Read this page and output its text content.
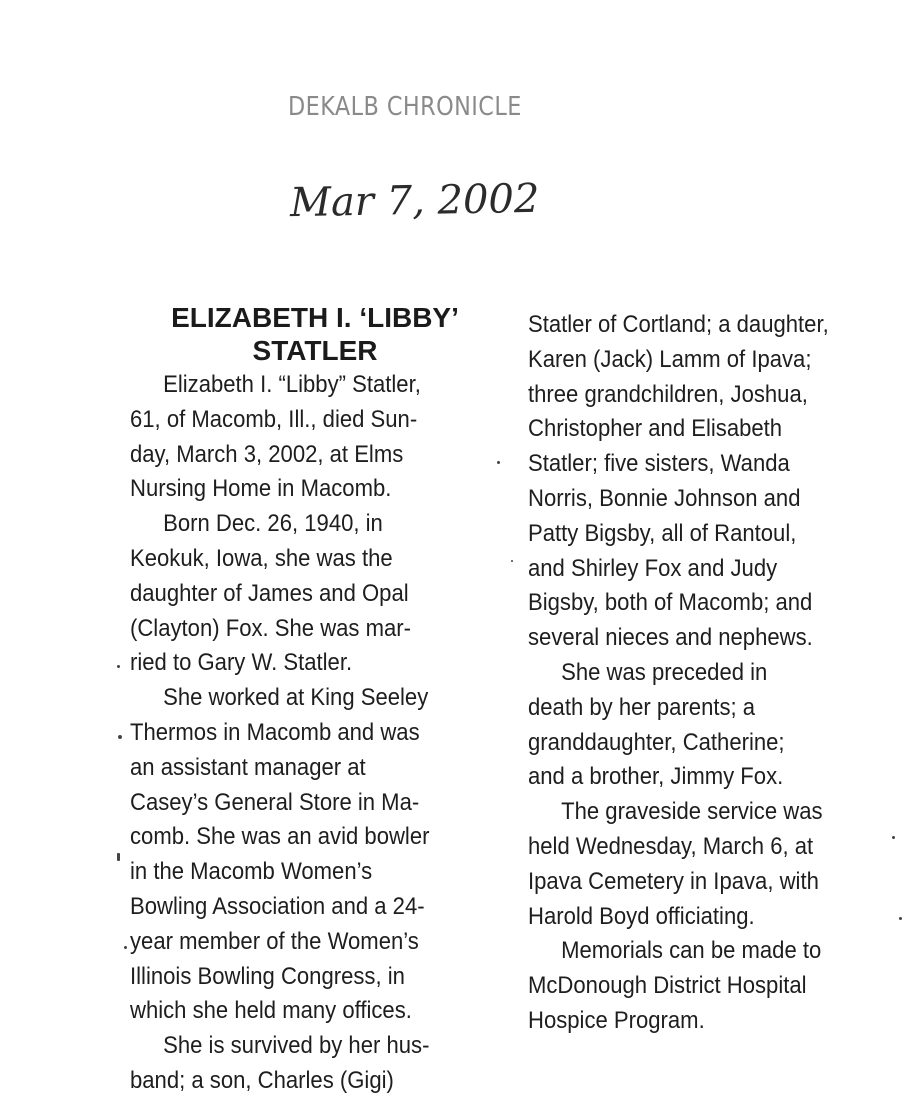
DEKALB CHRONICLE
Mar 7, 2002
ELIZABETH I. ‘LIBBY’
STATLER
Elizabeth I. “Libby” Statler,
61, of Macomb, Ill., died Sun-
day, March 3, 2002, at Elms
Nursing Home in Macomb.
Born Dec. 26, 1940, in
Keokuk, Iowa, she was the
daughter of James and Opal
(Clayton) Fox. She was mar-
ried to Gary W. Statler.
She worked at King Seeley
Thermos in Macomb and was
an assistant manager at
Casey’s General Store in Ma-
comb. She was an avid bowler
in the Macomb Women’s
Bowling Association and a 24-
year member of the Women’s
Illinois Bowling Congress, in
which she held many offices.
She is survived by her hus-
band; a son, Charles (Gigi)
Statler of Cortland; a daughter,
Karen (Jack) Lamm of Ipava;
three grandchildren, Joshua,
Christopher and Elisabeth
Statler; five sisters, Wanda
Norris, Bonnie Johnson and
Patty Bigsby, all of Rantoul,
and Shirley Fox and Judy
Bigsby, both of Macomb; and
several nieces and nephews.
She was preceded in
death by her parents; a
granddaughter, Catherine;
and a brother, Jimmy Fox.
The graveside service was
held Wednesday, March 6, at
Ipava Cemetery in Ipava, with
Harold Boyd officiating.
Memorials can be made to
McDonough District Hospital
Hospice Program.
